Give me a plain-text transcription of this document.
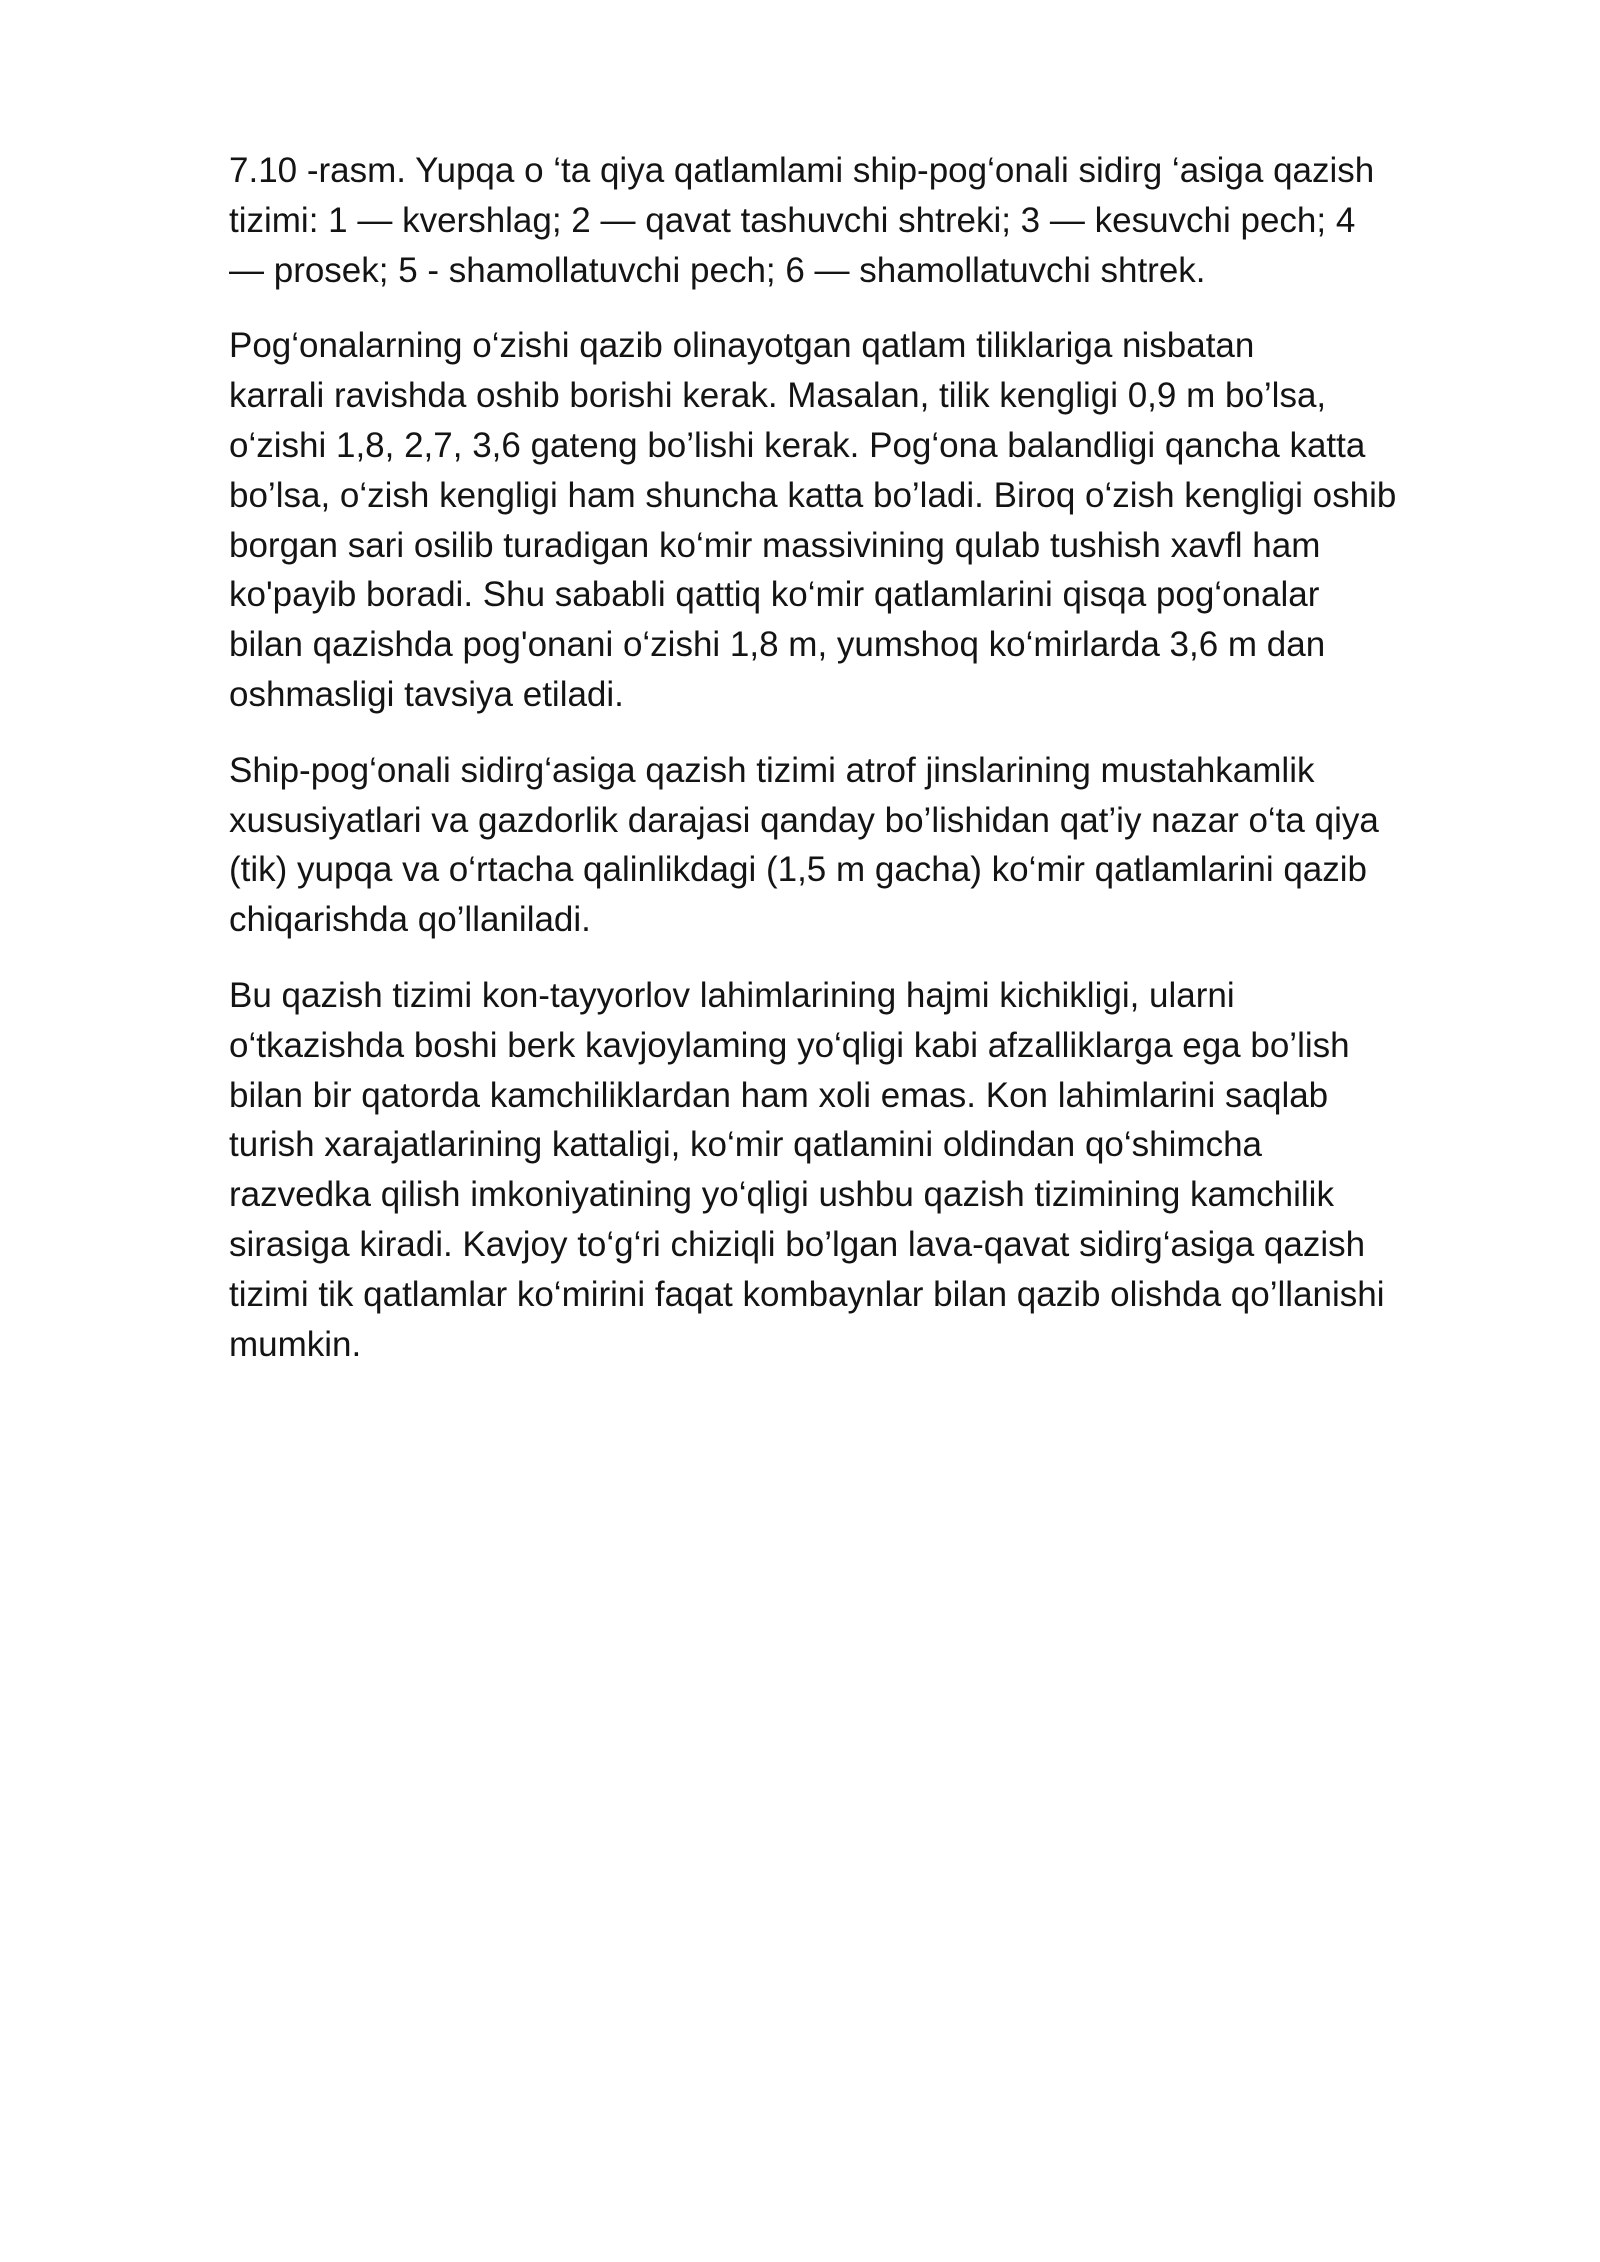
7.10 -rasm. Yupqa o ‘ta qiya qatlamlami ship-pog‘onali sidirg ‘asiga qazish
tizimi: 1 — kvershlag; 2 — qavat tashuvchi shtreki; 3 — kesuvchi pech; 4
— prosek; 5 - shamollatuvchi pech; 6 — shamollatuvchi shtrek.

Pog‘onalarning o‘zishi qazib olinayotgan qatlam tiliklariga nisbatan
karrali ravishda oshib borishi kerak. Masalan, tilik kengligi 0,9 m bo’lsa,
o‘zishi 1,8, 2,7, 3,6 gateng bo’lishi kerak. Pog‘ona balandligi qancha katta
bo’lsa, o‘zish kengligi ham shuncha katta bo’ladi. Biroq o‘zish kengligi oshib
borgan sari osilib turadigan ko‘mir massivining qulab tushish xavfl ham
ko'payib boradi. Shu sababli qattiq ko‘mir qatlamlarini qisqa pog‘onalar
bilan qazishda pog'onani o‘zishi 1,8 m, yumshoq ko‘mirlarda 3,6 m dan
oshmasligi tavsiya etiladi.

Ship-pog‘onali sidirg‘asiga qazish tizimi atrof jinslarining mustahkamlik
xususiyatlari va gazdorlik darajasi qanday bo’lishidan qat’iy nazar o‘ta qiya
(tik) yupqa va o‘rtacha qalinlikdagi (1,5 m gacha) ko‘mir qatlamlarini qazib
chiqarishda qo’llaniladi.

Bu qazish tizimi kon-tayyorlov lahimlarining hajmi kichikligi, ularni
o‘tkazishda boshi berk kavjoylaming yo‘qligi kabi afzalliklarga ega bo’lish
bilan bir qatorda kamchiliklardan ham xoli emas. Kon lahimlarini saqlab
turish xarajatlarining kattaligi, ko‘mir qatlamini oldindan qo‘shimcha
razvedka qilish imkoniyatining yo‘qligi ushbu qazish tizimining kamchilik
sirasiga kiradi. Kavjoy to‘g‘ri chiziqli bo’lgan lava-qavat sidirg‘asiga qazish
tizimi tik qatlamlar ko‘mirini faqat kombaynlar bilan qazib olishda qo’llanishi
mumkin.
